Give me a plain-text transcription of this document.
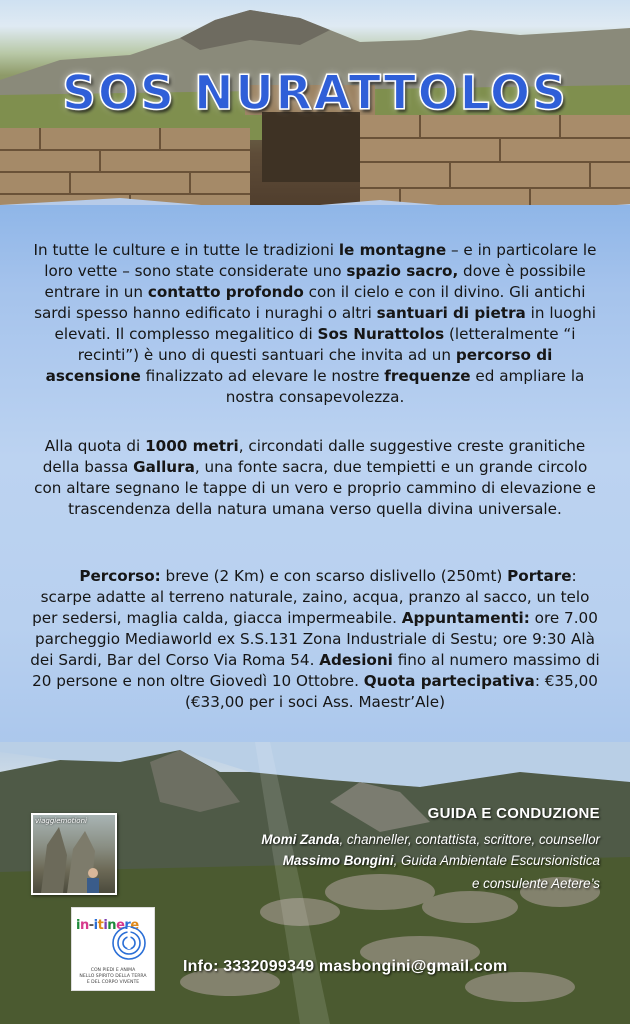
SOS NURATTOLOS
In tutte le culture e in tutte le tradizioni le montagne – e in particolare le loro vette – sono state considerate uno spazio sacro, dove è possibile entrare in un contatto profondo con il cielo e con il divino. Gli antichi sardi spesso hanno edificato i nuraghi o altri santuari di pietra in luoghi elevati. Il complesso megalitico di Sos Nurattolos (letteralmente “i recinti”) è uno di questi santuari che invita ad un percorso di ascensione finalizzato ad elevare le nostre frequenze ed ampliare la nostra consapevolezza.
Alla quota di 1000 metri, circondati dalle suggestive creste granitiche della bassa Gallura, una fonte sacra, due tempietti e un grande circolo con altare segnano le tappe di un vero e proprio cammino di elevazione e trascendenza della natura umana verso quella divina universale.
Percorso: breve (2 Km) e con scarso dislivello (250mt) Portare: scarpe adatte al terreno naturale, zaino, acqua, pranzo al sacco, un telo per sedersi, maglia calda, giacca impermeabile. Appuntamenti: ore 7.00 parcheggio Mediaworld ex S.S.131 Zona Industriale di Sestu; ore 9:30 Alà dei Sardi, Bar del Corso Via Roma 54. Adesioni fino al numero massimo di 20 persone e non oltre Giovedì 10 Ottobre. Quota partecipativa: €35,00 (€33,00 per i soci Ass. Maestr’Ale)
viaggiemotioni
in-itinere
CON PIEDI E ANIMA
NELLO SPIRITO DELLA TERRA
E DEL CORPO VIVENTE
GUIDA E CONDUZIONE
Momi Zanda, channeller, contattista, scrittore, counsellor
Massimo Bongini, Guida Ambientale Escursionistica
e consulente Aetere’s
Info: 3332099349 masbongini@gmail.com
